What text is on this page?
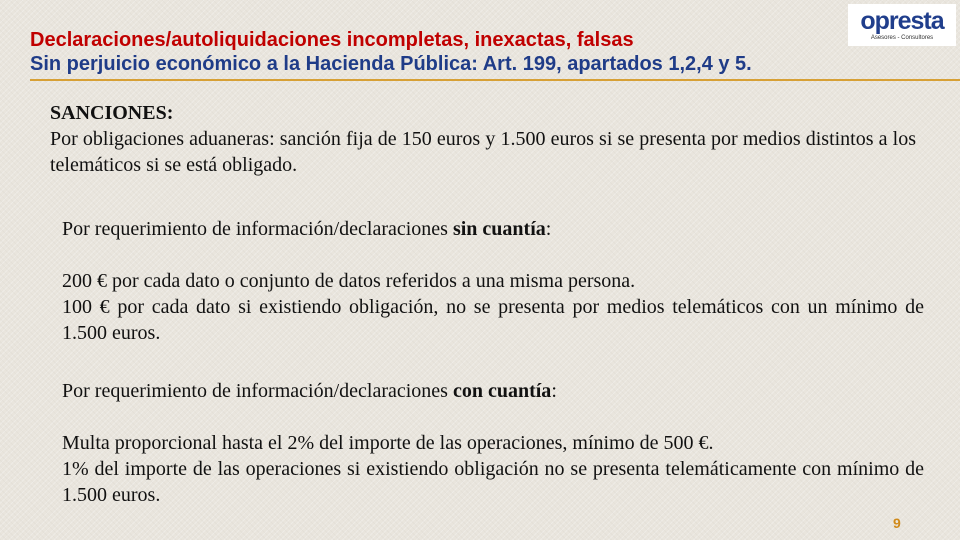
Declaraciones/autoliquidaciones incompletas, inexactas, falsas
Sin perjuicio económico a la Hacienda Pública: Art. 199, apartados 1,2,4 y 5.
opresta
Asesores - Consultores

SANCIONES:

Por obligaciones aduaneras: sanción fija de 150 euros y 1.500 euros si se presenta por medios distintos a los telemáticos si se está obligado.

Por requerimiento de información/declaraciones sin cuantía:

200 € por cada dato o conjunto de datos referidos a una misma persona.

100 € por cada dato si existiendo obligación, no se presenta por medios telemáticos con un mínimo de 1.500 euros.

Por requerimiento de información/declaraciones con cuantía:

Multa proporcional hasta el 2% del importe de las operaciones, mínimo de 500 €.

1% del importe de las operaciones si existiendo obligación no se presenta telemáticamente con mínimo de 1.500 euros.

9
